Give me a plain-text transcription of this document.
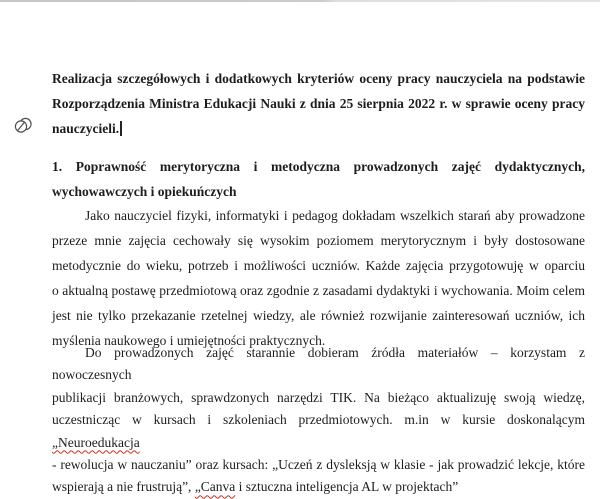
Realizacja szczegółowych i dodatkowych kryteriów oceny pracy nauczyciela na podstawie
Rozporządzenia Ministra Edukacji Nauki z dnia 25 sierpnia 2022 r. w sprawie oceny pracy
nauczycieli.
1. Poprawność merytoryczna i metodyczna prowadzonych zajęć dydaktycznych,
wychowawczych i opiekuńczych
Jako nauczyciel fizyki, informatyki i pedagog dokładam wszelkich starań aby prowadzone
przeze mnie zajęcia cechowały się wysokim poziomem merytorycznym i były dostosowane
metodycznie do wieku, potrzeb i możliwości uczniów. Każde zajęcia przygotowuję w oparciu
o aktualną postawę przedmiotową oraz zgodnie z zasadami dydaktyki i wychowania. Moim celem
jest nie tylko przekazanie rzetelnej wiedzy, ale również rozwijanie zainteresowań uczniów, ich
myślenia naukowego i umiejętności praktycznych.
Do prowadzonych zajęć starannie dobieram źródła materiałów – korzystam z nowoczesnych
publikacji branżowych, sprawdzonych narzędzi TIK. Na bieżąco aktualizuję swoją wiedzę,
uczestnicząc w kursach i szkoleniach przedmiotowych. m.in w kursie doskonalącym „Neuroedukacja
- rewolucja w nauczaniu” oraz kursach: „Uczeń z dysleksją w klasie - jak prowadzić lekcje, które
wspierają a nie frustrują”, „Canva i sztuczna inteligencja AL w projektach”
